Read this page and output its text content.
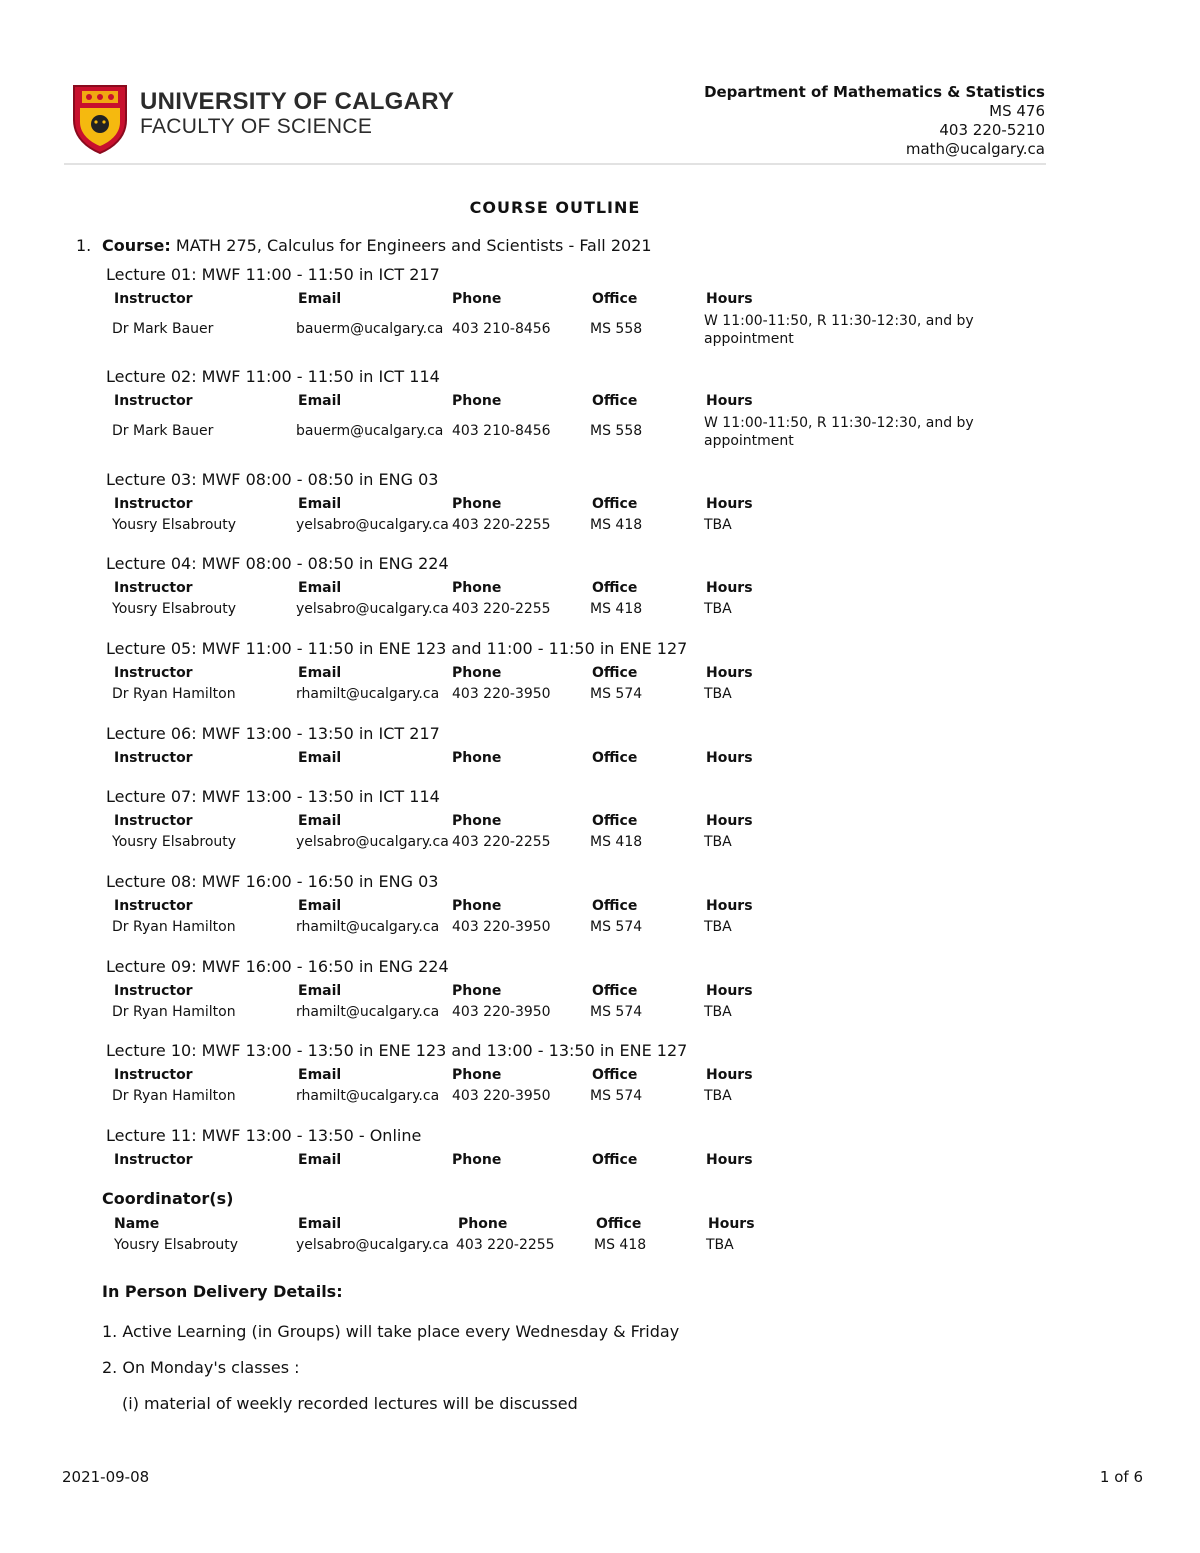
UNIVERSITY OF CALGARY
FACULTY OF SCIENCE
Department of Mathematics & Statistics
MS 476
403 220-5210
math@ucalgary.ca
COURSE OUTLINE
1. Course: MATH 275, Calculus for Engineers and Scientists - Fall 2021
Lecture 01: MWF 11:00 - 11:50 in ICT 217
Instructor	Email	Phone	Office	Hours
Dr Mark Bauer	bauerm@ucalgary.ca 403 210-8456	MS 558	W 11:00-11:50, R 11:30-12:30, and by appointment
Lecture 02: MWF 11:00 - 11:50 in ICT 114
Instructor	Email	Phone	Office	Hours
Dr Mark Bauer	bauerm@ucalgary.ca 403 210-8456	MS 558	W 11:00-11:50, R 11:30-12:30, and by appointment
Lecture 03: MWF 08:00 - 08:50 in ENG 03
Instructor	Email	Phone	Office	Hours
Yousry Elsabrouty	yelsabro@ucalgary.ca 403 220-2255	MS 418	TBA
Lecture 04: MWF 08:00 - 08:50 in ENG 224
Instructor	Email	Phone	Office	Hours
Yousry Elsabrouty	yelsabro@ucalgary.ca 403 220-2255	MS 418	TBA
Lecture 05: MWF 11:00 - 11:50 in ENE 123 and 11:00 - 11:50 in ENE 127
Instructor	Email	Phone	Office	Hours
Dr Ryan Hamilton	rhamilt@ucalgary.ca 403 220-3950	MS 574	TBA
Lecture 06: MWF 13:00 - 13:50 in ICT 217
Instructor	Email	Phone	Office	Hours
Lecture 07: MWF 13:00 - 13:50 in ICT 114
Instructor	Email	Phone	Office	Hours
Yousry Elsabrouty	yelsabro@ucalgary.ca 403 220-2255	MS 418	TBA
Lecture 08: MWF 16:00 - 16:50 in ENG 03
Instructor	Email	Phone	Office	Hours
Dr Ryan Hamilton	rhamilt@ucalgary.ca 403 220-3950	MS 574	TBA
Lecture 09: MWF 16:00 - 16:50 in ENG 224
Instructor	Email	Phone	Office	Hours
Dr Ryan Hamilton	rhamilt@ucalgary.ca 403 220-3950	MS 574	TBA
Lecture 10: MWF 13:00 - 13:50 in ENE 123 and 13:00 - 13:50 in ENE 127
Instructor	Email	Phone	Office	Hours
Dr Ryan Hamilton	rhamilt@ucalgary.ca 403 220-3950	MS 574	TBA
Lecture 11: MWF 13:00 - 13:50 - Online
Instructor	Email	Phone	Office	Hours
Coordinator(s)
Name	Email	Phone	Office	Hours
Yousry Elsabrouty	yelsabro@ucalgary.ca 403 220-2255	MS 418	TBA
In Person Delivery Details:
1. Active Learning (in Groups) will take place every Wednesday & Friday
2. On Monday's classes :
(i) material of weekly recorded lectures will be discussed
2021-09-08	1 of 6
